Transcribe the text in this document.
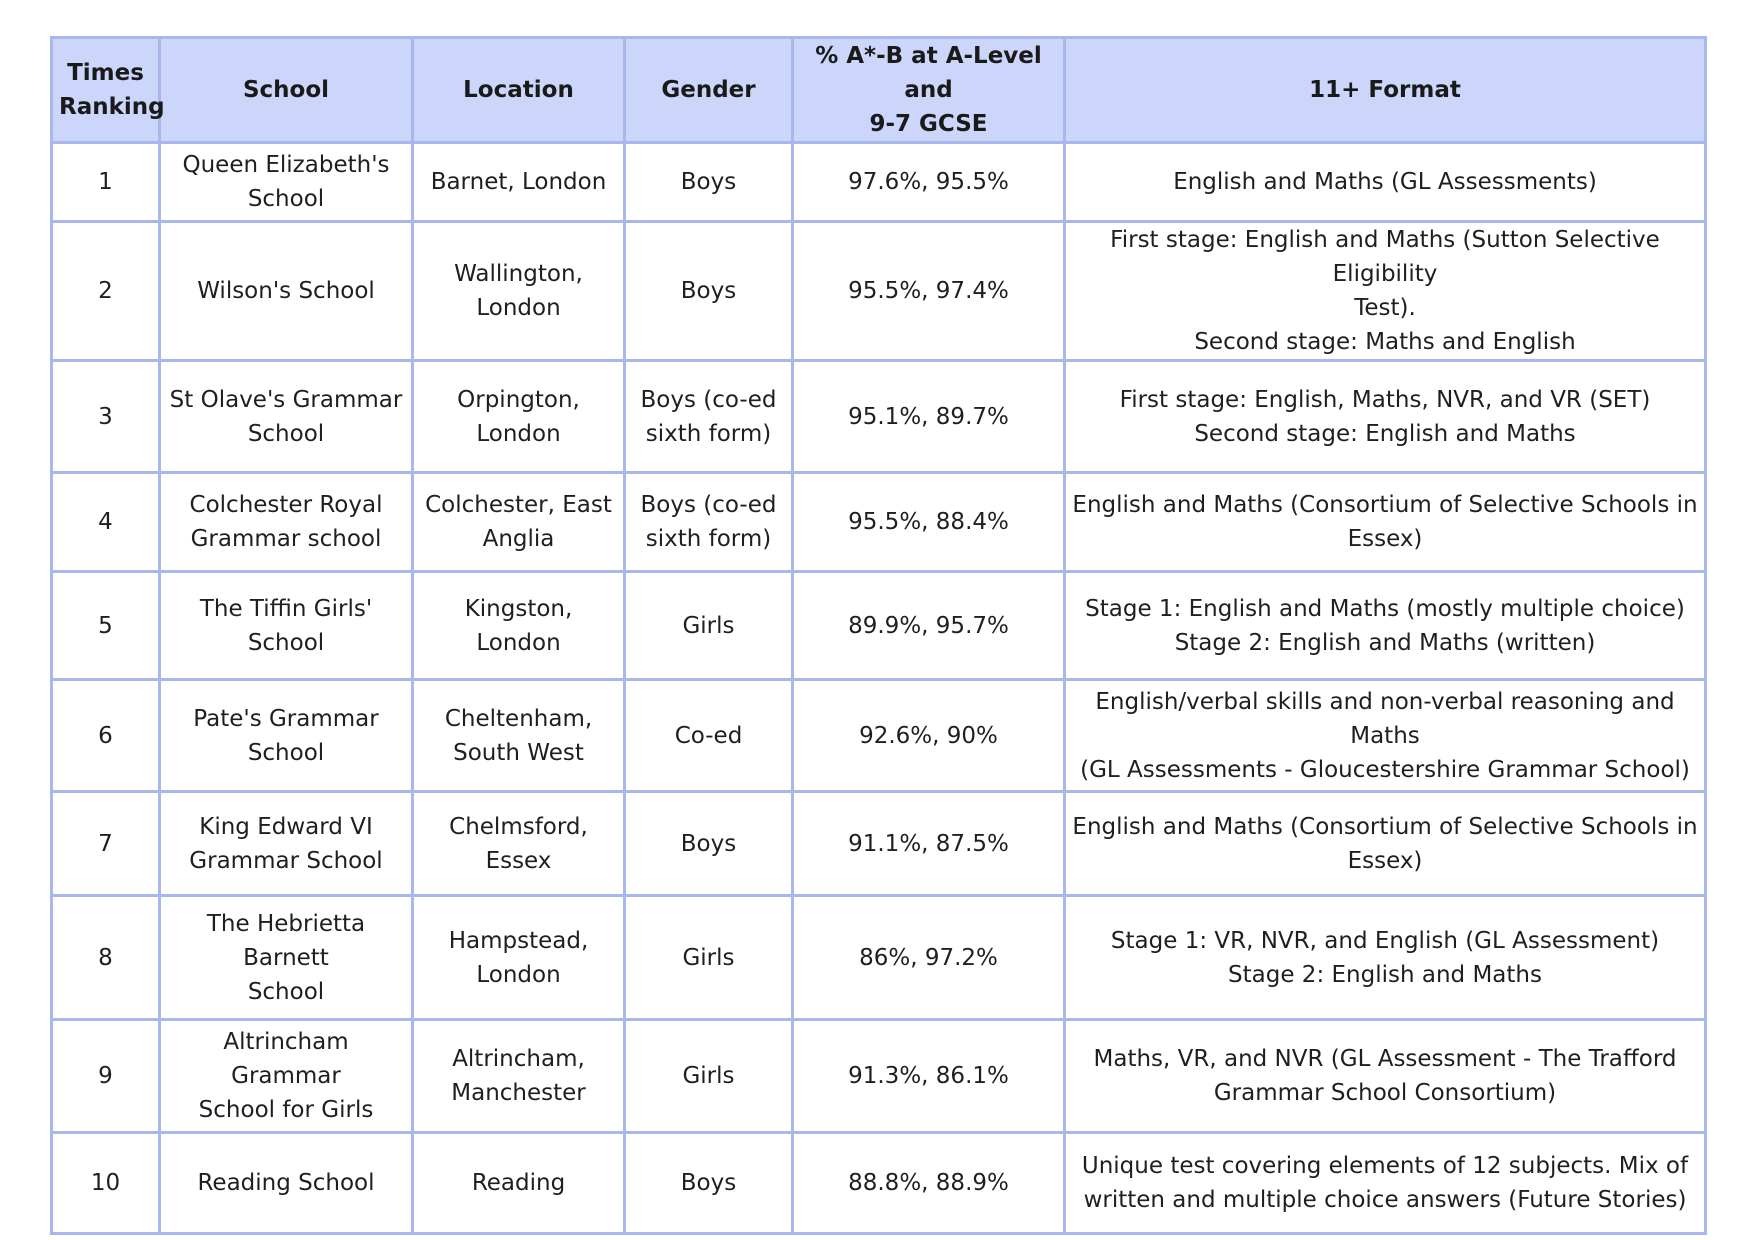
Times
Ranking	School	Location	Gender	% A*-B at A-Level and
9-7 GCSE	11+ Format
1	Queen Elizabeth's
School	Barnet, London	Boys	97.6%, 95.5%	English and Maths (GL Assessments)
2	Wilson's School	Wallington,
London	Boys	95.5%, 97.4%	First stage: English and Maths (Sutton Selective Eligibility
Test).
Second stage: Maths and English
3	St Olave's Grammar
School	Orpington, London	Boys (co-ed
sixth form)	95.1%, 89.7%	First stage: English, Maths, NVR, and VR (SET)
Second stage: English and Maths
4	Colchester Royal
Grammar school	Colchester, East
Anglia	Boys (co-ed
sixth form)	95.5%, 88.4%	English and Maths (Consortium of Selective Schools in
Essex)
5	The Tiffin Girls' School	Kingston, London	Girls	89.9%, 95.7%	Stage 1: English and Maths (mostly multiple choice)
Stage 2: English and Maths (written)
6	Pate's Grammar
School	Cheltenham,
South West	Co-ed	92.6%, 90%	English/verbal skills and non-verbal reasoning and Maths
(GL Assessments - Gloucestershire Grammar School)
7	King Edward VI
Grammar School	Chelmsford, Essex	Boys	91.1%, 87.5%	English and Maths (Consortium of Selective Schools in
Essex)
8	The Hebrietta Barnett
School	Hampstead,
London	Girls	86%, 97.2%	Stage 1: VR, NVR, and English (GL Assessment)
Stage 2: English and Maths
9	Altrincham Grammar
School for Girls	Altrincham,
Manchester	Girls	91.3%, 86.1%	Maths, VR, and NVR (GL Assessment - The Trafford
Grammar School Consortium)
10	Reading School	Reading	Boys	88.8%, 88.9%	Unique test covering elements of 12 subjects. Mix of
written and multiple choice answers (Future Stories)
